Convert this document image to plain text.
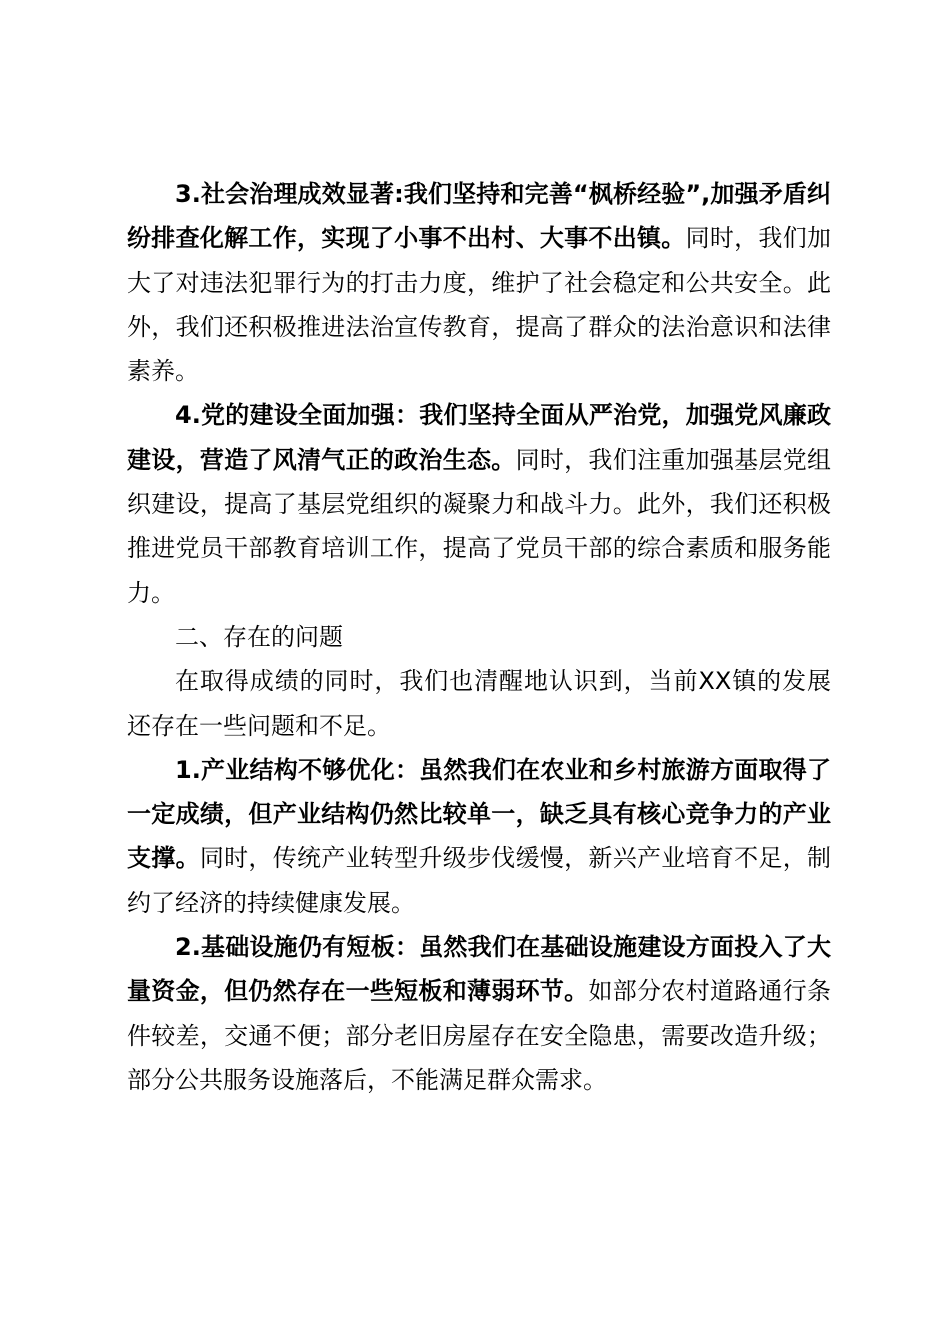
3.社会治理成效显著:我们坚持和完善“枫桥经验”,加强矛盾纠纷排查化解工作，实现了小事不出村、大事不出镇。同时，我们加大了对违法犯罪行为的打击力度，维护了社会稳定和公共安全。此外，我们还积极推进法治宣传教育，提高了群众的法治意识和法律素养。

4.党的建设全面加强：我们坚持全面从严治党，加强党风廉政建设，营造了风清气正的政治生态。同时，我们注重加强基层党组织建设，提高了基层党组织的凝聚力和战斗力。此外，我们还积极推进党员干部教育培训工作，提高了党员干部的综合素质和服务能力。

二、存在的问题

在取得成绩的同时，我们也清醒地认识到，当前XX镇的发展还存在一些问题和不足。

1.产业结构不够优化：虽然我们在农业和乡村旅游方面取得了一定成绩，但产业结构仍然比较单一，缺乏具有核心竞争力的产业支撑。同时，传统产业转型升级步伐缓慢，新兴产业培育不足，制约了经济的持续健康发展。

2.基础设施仍有短板：虽然我们在基础设施建设方面投入了大量资金，但仍然存在一些短板和薄弱环节。如部分农村道路通行条件较差，交通不便；部分老旧房屋存在安全隐患，需要改造升级；部分公共服务设施落后，不能满足群众需求。
